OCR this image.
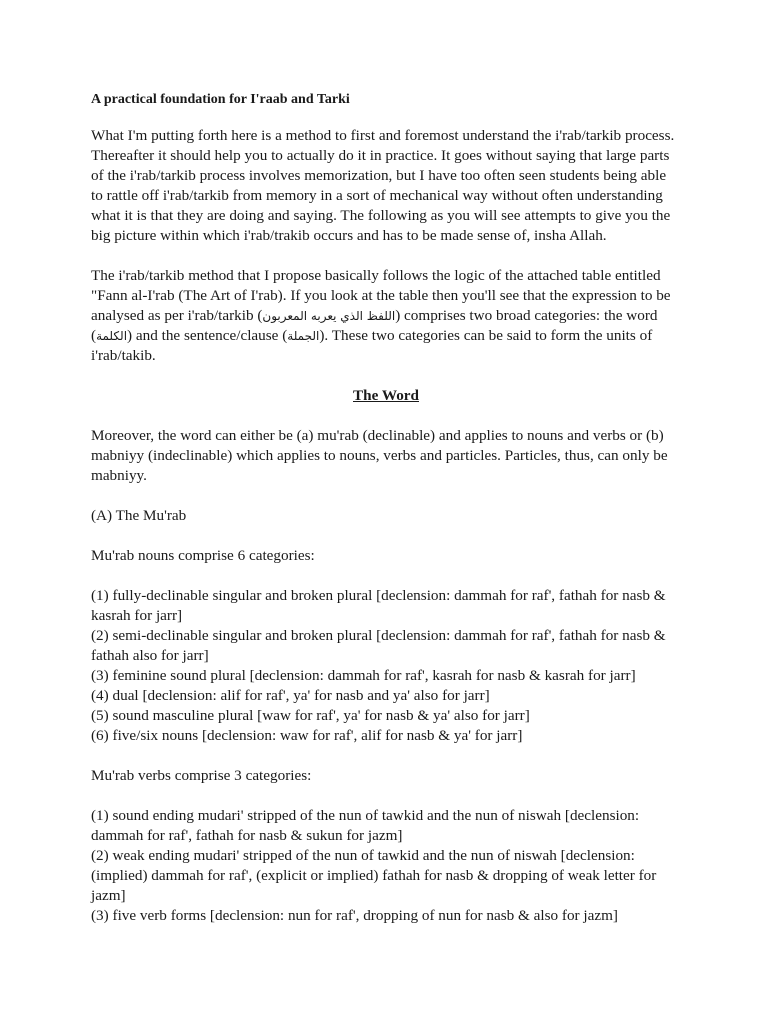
A practical foundation for I'raab and Tarki

What I'm putting forth here is a method to first and foremost understand the i'rab/tarkib process. Thereafter it should help you to actually do it in practice. It goes without saying that large parts of the i'rab/tarkib process involves memorization, but I have too often seen students being able to rattle off i'rab/tarkib from memory in a sort of mechanical way without often understanding what it is that they are doing and saying. The following as you will see attempts to give you the big picture within which i'rab/trakib occurs and has to be made sense of, insha Allah.

The i'rab/tarkib method that I propose basically follows the logic of the attached table entitled "Fann al-I'rab (The Art of I'rab). If you look at the table then you'll see that the expression to be analysed as per i'rab/tarkib (اللفظ الذي يعربه المعربون) comprises two broad categories: the word (الكلمة) and the sentence/clause (الجملة). These two categories can be said to form the units of i'rab/takib.

The Word

Moreover, the word can either be (a) mu'rab (declinable) and applies to nouns and verbs or (b) mabniyy (indeclinable) which applies to nouns, verbs and particles. Particles, thus, can only be mabniyy.

(A) The Mu'rab

Mu'rab nouns comprise 6 categories:

(1) fully-declinable singular and broken plural [declension: dammah for raf', fathah for nasb & kasrah for jarr]
(2) semi-declinable singular and broken plural [declension: dammah for raf', fathah for nasb & fathah also for jarr]
(3) feminine sound plural [declension: dammah for raf', kasrah for nasb & kasrah for jarr]
(4) dual [declension: alif for raf', ya' for nasb and ya' also for jarr]
(5) sound masculine plural [waw for raf', ya' for nasb & ya' also for jarr]
(6) five/six nouns [declension: waw for raf', alif for nasb & ya' for jarr]

Mu'rab verbs comprise 3 categories:

(1) sound ending mudari' stripped of the nun of tawkid and the nun of niswah [declension: dammah for raf', fathah for nasb & sukun for jazm]
(2) weak ending mudari' stripped of the nun of tawkid and the nun of niswah [declension: (implied) dammah for raf', (explicit or implied) fathah for nasb & dropping of weak letter for jazm]
(3) five verb forms [declension: nun for raf', dropping of nun for nasb & also for jazm]
